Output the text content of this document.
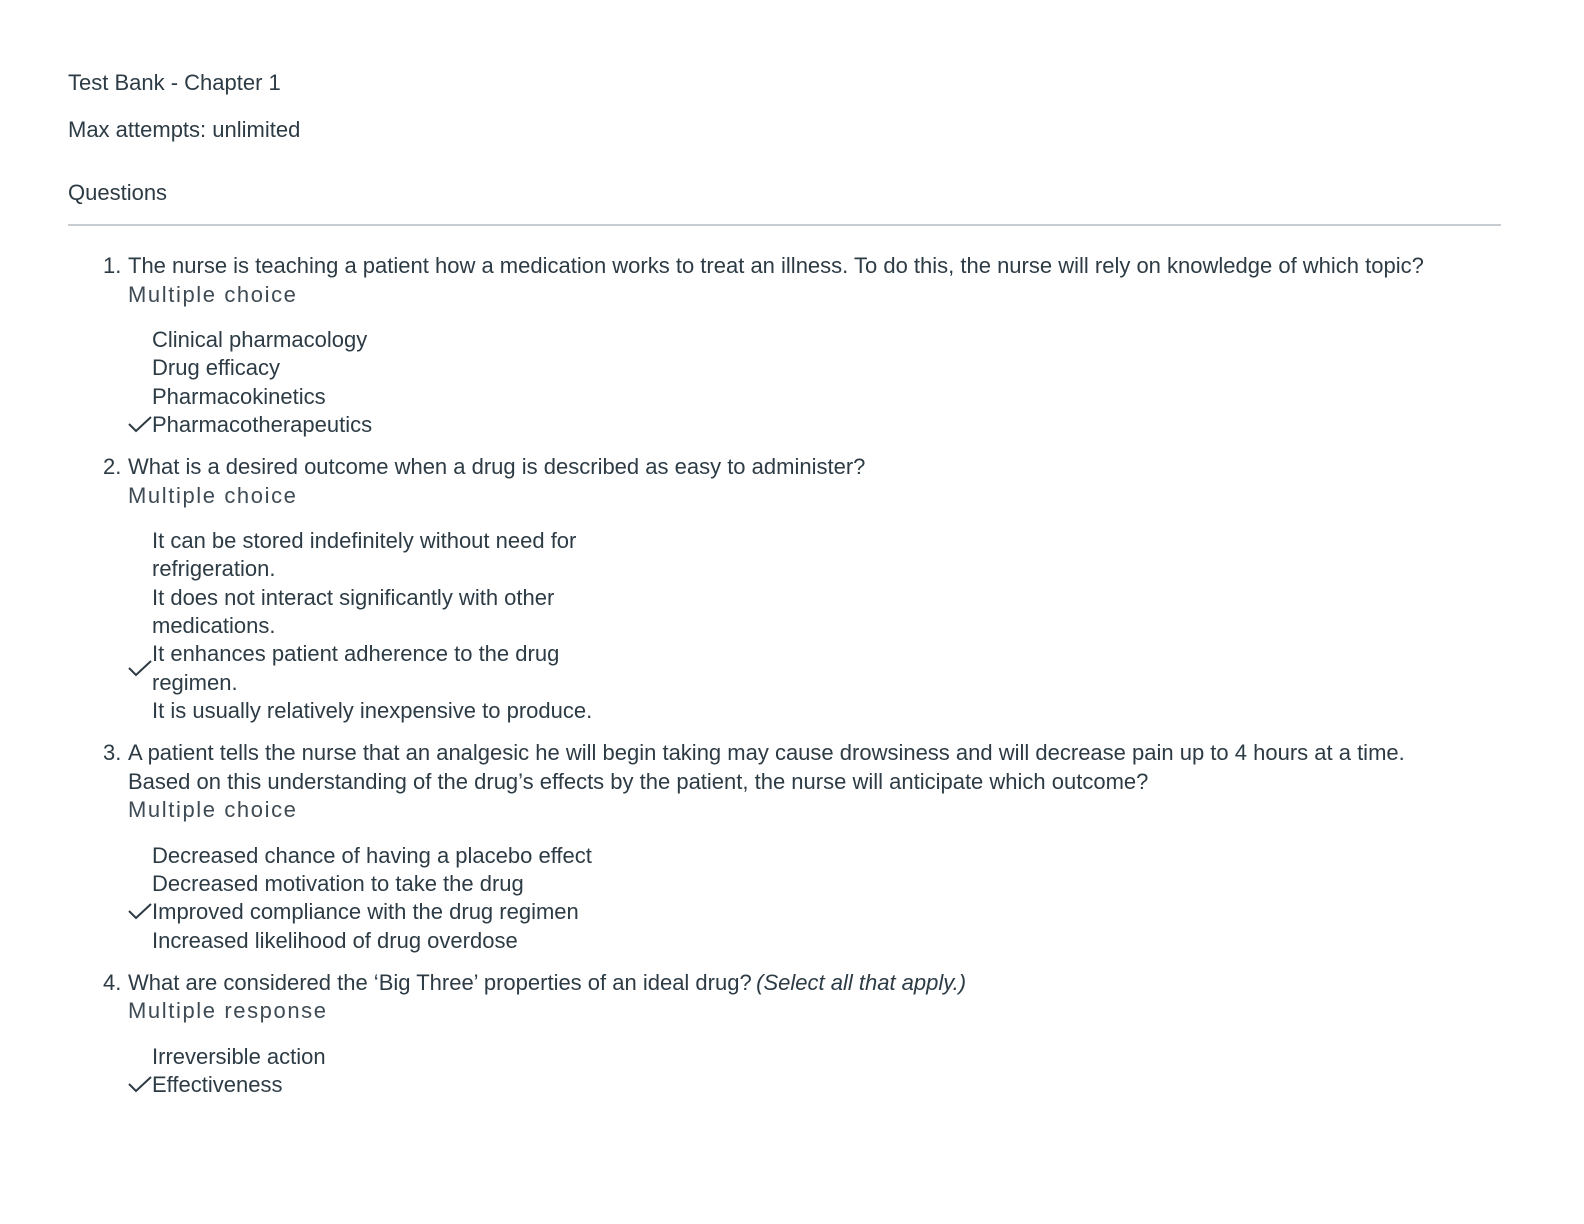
Test Bank - Chapter 1

Max attempts: unlimited

Questions
1. The nurse is teaching a patient how a medication works to treat an illness. To do this, the nurse will rely on knowledge of which topic?
Multiple choice
Clinical pharmacology
Drug efficacy
Pharmacokinetics
Pharmacotherapeutics
2. What is a desired outcome when a drug is described as easy to administer?
Multiple choice
It can be stored indefinitely without need for refrigeration.
It does not interact significantly with other medications.
It enhances patient adherence to the drug regimen.
It is usually relatively inexpensive to produce.
3. A patient tells the nurse that an analgesic he will begin taking may cause drowsiness and will decrease pain up to 4 hours at a time. Based on this understanding of the drug’s effects by the patient, the nurse will anticipate which outcome?
Multiple choice
Decreased chance of having a placebo effect
Decreased motivation to take the drug
Improved compliance with the drug regimen
Increased likelihood of drug overdose
4. What are considered the ‘Big Three’ properties of an ideal drug? (Select all that apply.)
Multiple response
Irreversible action
Effectiveness
